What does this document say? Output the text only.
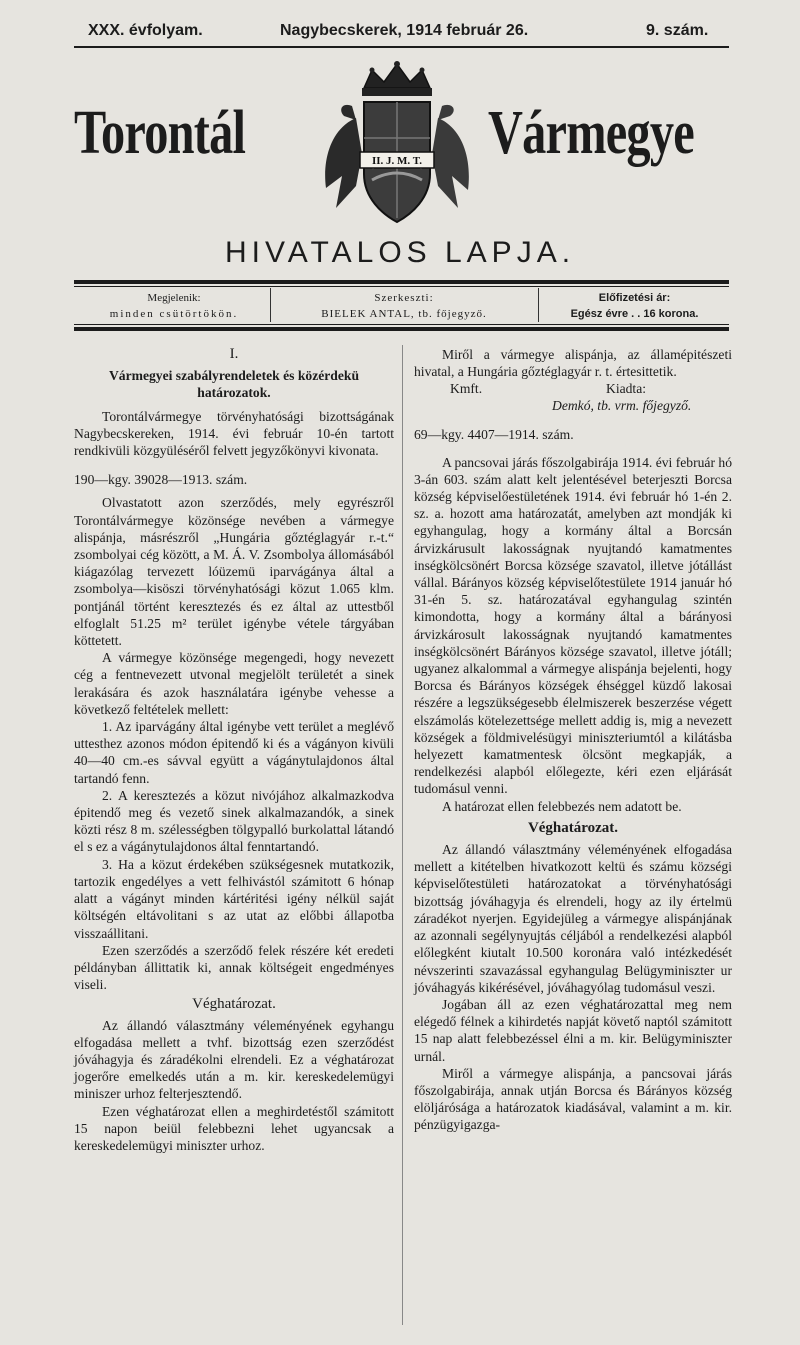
XXX. évfolyam.	Nagybecskerek, 1914 február 26.	9. szám.
Torontál	Vármegye
II. J. M. T.
HIVATALOS LAPJA.
Megjelenik:
minden csütörtökön.
Szerkeszti:
BIELEK ANTAL, tb. főjegyző.
Előfizetési ár:
Egész évre . . 16 korona.

I.

Vármegyei szabályrendeletek és közérdekü határozatok.

Torontálvármegye törvényhatósági bizottságának Nagybecskereken, 1914. évi február 10-én tartott rendkivüli közgyüléséről felvett jegyzőkönyvi kivonata.

190—kgy. 39028—1913. szám.

Olvastatott azon szerződés, mely egyrészről Torontálvármegye közönsége nevében a vármegye alispánja, másrészről „Hungária gőztéglagyár r.-t.“ zsombolyai cég között, a M. Á. V. Zsombolya állomásából kiágazólag tervezett lóüzemü iparvágánya által a zsombolya—kisöszi törvényhatósági közut 1.065 klm. pontjánál történt keresztezés és ez által az uttestből elfoglalt 51.25 m² terület igénybe vétele tárgyában köttetett.

A vármegye közönsége megengedi, hogy nevezett cég a fentnevezett utvonal megjelölt területét a sinek lerakására és azok használatára igénybe vehesse a következő feltételek mellett:

1. Az iparvágány által igénybe vett terület a meglévő uttesthez azonos módon épitendő ki és a vágányon kivüli 40—40 cm.-es sávval együtt a vágánytulajdonos által tartandó fenn.

2. A keresztezés a közut nivójához alkalmazkodva épitendő meg és vezető sinek alkalmazandók, a sinek közti rész 8 m. szélességben tölgypalló burkolattal látandó el s ez a vágánytulajdonos által fenntartandó.

3. Ha a közut érdekében szükségesnek mutatkozik, tartozik engedélyes a vett felhivástól számitott 6 hónap alatt a vágányt minden kártéritési igény nélkül saját költségén eltávolitani s az utat az előbbi állapotba visszaállitani.

Ezen szerződés a szerződő felek részére két eredeti példányban állittatik ki, annak költségeit engedményes viseli.

Véghatározat.

Az állandó választmány véleményének egyhangu elfogadása mellett a tvhf. bizottság ezen szerződést jóváhagyja és záradékolni elrendeli. Ez a véghatározat jogerőre emelkedés után a m. kir. kereskedelemügyi miniszer urhoz felterjesztendő.

Ezen véghatározat ellen a meghirdetéstől számitott 15 napon beiül felebbezni lehet ugyancsak a kereskedelemügyi miniszter urhoz.

Miről a vármegye alispánja, az államépitészeti hivatal, a Hungária gőztéglagyár r. t. értesittetik.

Kmft.	Kiadta:
Demkó, tb. vrm. főjegyző.

69—kgy. 4407—1914. szám.

A pancsovai járás főszolgabirája 1914. évi február hó 3-án 603. szám alatt kelt jelentésével beterjeszti Borcsa község képviselőestületének 1914. évi február hó 1-én 2. sz. a. hozott ama határozatát, amelyben azt mondják ki egyhangulag, hogy a kormány által a Borcsán árvizkárusult lakosságnak nyujtandó kamatmentes inségkölcsönért Borcsa községe szavatol, illetve jótállást vállal. Bárányos község képviselőtestülete 1914 január hó 31-én 5. sz. határozatával egyhangulag szintén kimondotta, hogy a kormány által a bárányosi árvizkárosult lakosságnak nyujtandó kamatmentes inségkölcsönért Bárányos községe szavatol, illetve jótáll; ugyanez alkalommal a vármegye alispánja bejelenti, hogy Borcsa és Bárányos községek éhséggel küzdő lakosai részére a legszükségesebb élelmiszerek beszerzése végett elszámolás kötelezettsége mellett addig is, mig a nevezett községek a földmivelésügyi miniszteriumtól a kilátásba helyezett kamatmentesk ölcsönt megkapják, a rendelkezési alapból előlegezte, kéri ezen eljárását tudomásul venni.

A határozat ellen felebbezés nem adatott be.

Véghatározat.

Az állandó választmány véleményének elfogadása mellett a kitételben hivatkozott keltü és számu községi képviselőtestületi határozatokat a törvényhatósági bizottság jóváhagyja és elrendeli, hogy az ily értelmü záradékot nyerjen. Egyidejüleg a vármegye alispánjának az azonnali segélynyujtás céljából a rendelkezési alapból előlegként kiutalt 10.500 koronára való intézkedését névszerinti szavazással egyhangulag Belügyminiszter ur jóváhagyás kikérésével, jóváhagyólag tudomásul veszi.

Jogában áll az ezen véghatározattal meg nem elégedő félnek a kihirdetés napját követő naptól számitott 15 nap alatt felebbezéssel élni a m. kir. Belügyminiszter urnál.

Miről a vármegye alispánja, a pancsovai járás főszolgabirája, annak utján Borcsa és Bárányos község elöljárósága a határozatok kiadásával, valamint a m. kir. pénzügyigazga-
